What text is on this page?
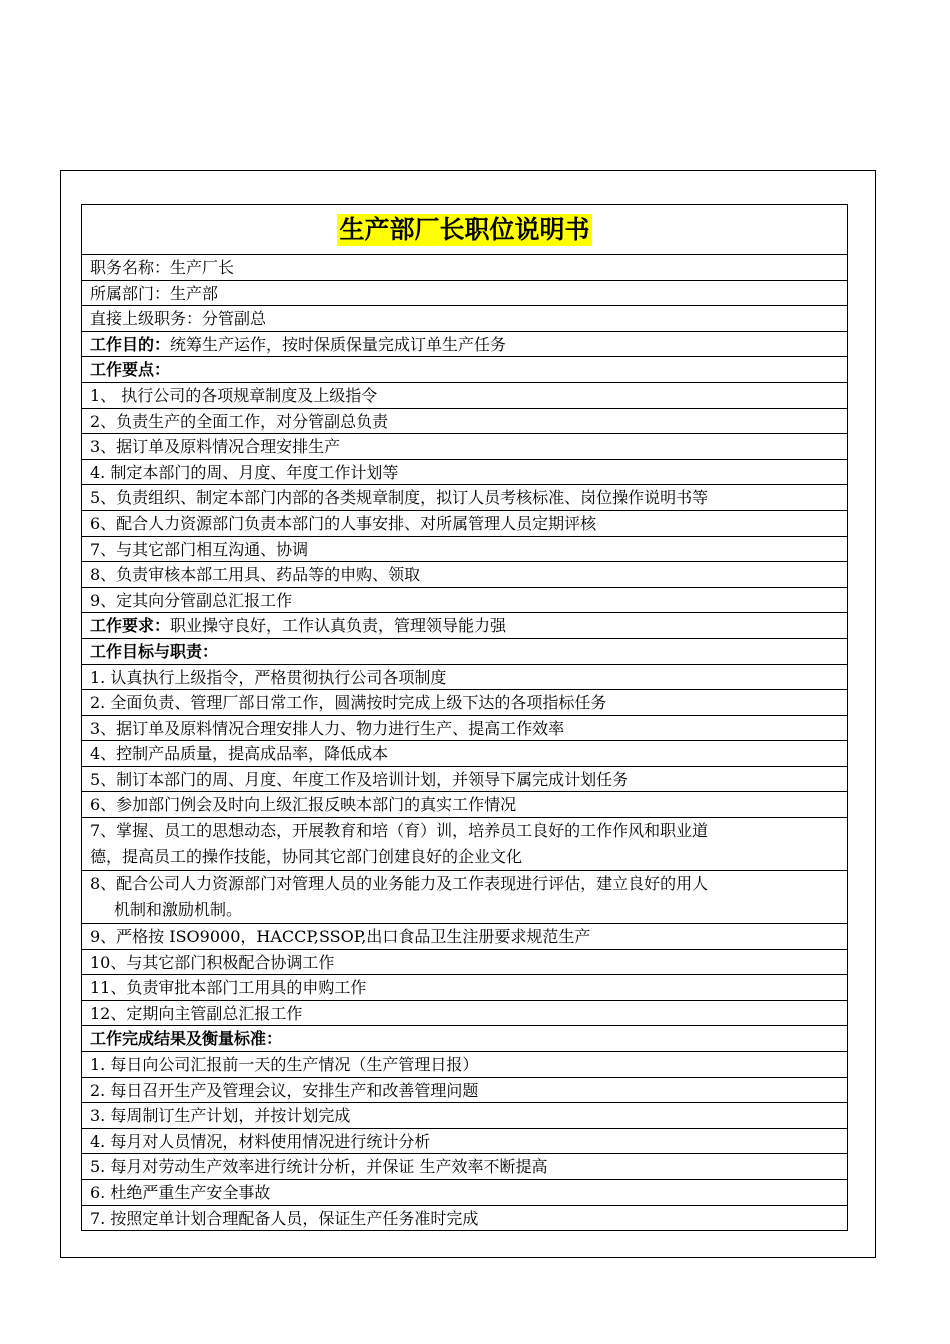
生产部厂长职位说明书
职务名称：生产厂长
所属部门：生产部
直接上级职务：分管副总
工作目的：统筹生产运作，按时保质保量完成订单生产任务
工作要点：
1、 执行公司的各项规章制度及上级指令
2、负责生产的全面工作，对分管副总负责
3、据订单及原料情况合理安排生产
4. 制定本部门的周、月度、年度工作计划等
5、负责组织、制定本部门内部的各类规章制度，拟订人员考核标准、岗位操作说明书等
6、配合人力资源部门负责本部门的人事安排、对所属管理人员定期评核
7、与其它部门相互沟通、协调
8、负责审核本部工用具、药品等的申购、领取
9、定其向分管副总汇报工作
工作要求：职业操守良好，工作认真负责，管理领导能力强
工作目标与职责：
1. 认真执行上级指令，严格贯彻执行公司各项制度
2. 全面负责、管理厂部日常工作，圆满按时完成上级下达的各项指标任务
3、据订单及原料情况合理安排人力、物力进行生产、提高工作效率
4、控制产品质量，提高成品率，降低成本
5、制订本部门的周、月度、年度工作及培训计划，并领导下属完成计划任务
6、参加部门例会及时向上级汇报反映本部门的真实工作情况
7、掌握、员工的思想动态，开展教育和培（育）训，培养员工良好的工作作风和职业道
德，提高员工的操作技能，协同其它部门创建良好的企业文化
8、配合公司人力资源部门对管理人员的业务能力及工作表现进行评估，建立良好的用人
机制和激励机制。
9、严格按 ISO9000，HACCP,SSOP,出口食品卫生注册要求规范生产
10、与其它部门积极配合协调工作
11、负责审批本部门工用具的申购工作
12、定期向主管副总汇报工作
工作完成结果及衡量标准：
1. 每日向公司汇报前一天的生产情况（生产管理日报）
2. 每日召开生产及管理会议，安排生产和改善管理问题
3. 每周制订生产计划，并按计划完成
4. 每月对人员情况，材料使用情况进行统计分析
5. 每月对劳动生产效率进行统计分析，并保证 生产效率不断提高
6. 杜绝严重生产安全事故
7. 按照定单计划合理配备人员，保证生产任务准时完成
